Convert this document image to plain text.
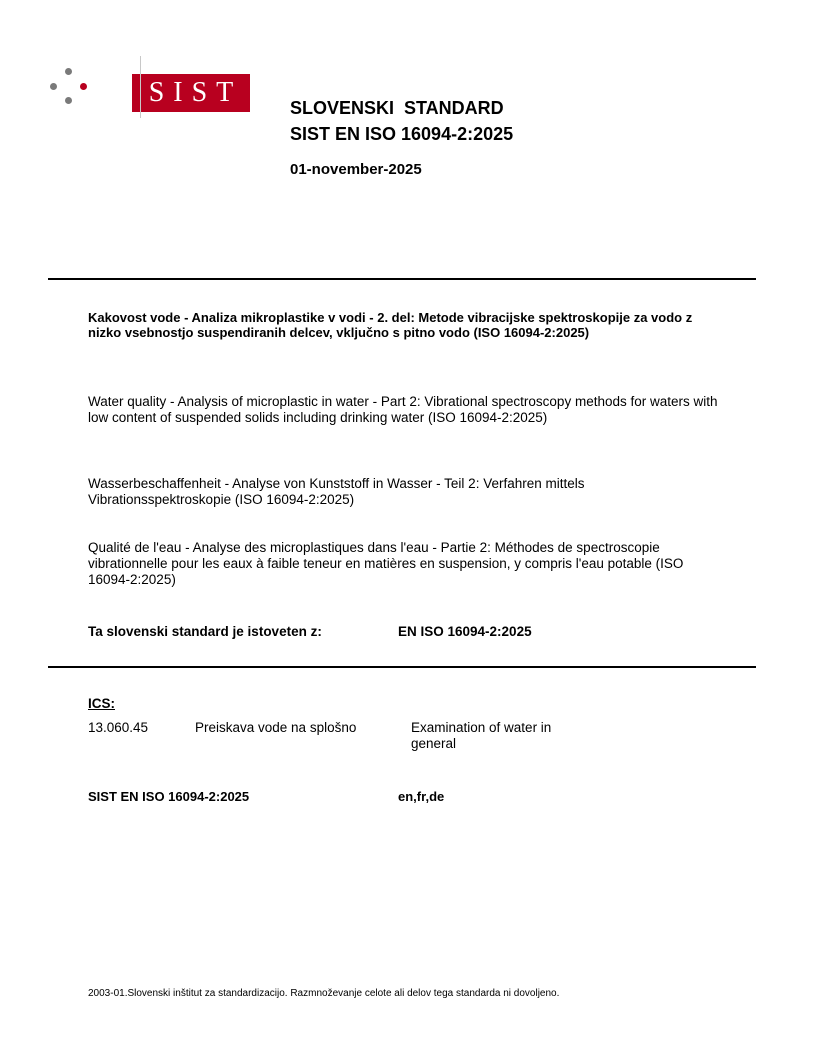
SIST	SLOVENSKI  STANDARD
SIST EN ISO 16094-2:2025
01-november-2025
Kakovost vode - Analiza mikroplastike v vodi - 2. del: Metode vibracijske spektroskopije za vodo z nizko vsebnostjo suspendiranih delcev, vključno s pitno vodo (ISO 16094-2:2025)
Water quality - Analysis of microplastic in water - Part 2: Vibrational spectroscopy methods for waters with low content of suspended solids including drinking water (ISO 16094-2:2025)
Wasserbeschaffenheit - Analyse von Kunststoff in Wasser - Teil 2: Verfahren mittels Vibrationsspektroskopie (ISO 16094-2:2025)
Qualité de l'eau - Analyse des microplastiques dans l'eau - Partie 2: Méthodes de spectroscopie vibrationnelle pour les eaux à faible teneur en matières en suspension, y compris l'eau potable (ISO 16094-2:2025)
Ta slovenski standard je istoveten z:	EN ISO 16094-2:2025
ICS:
13.060.45	Preiskava vode na splošno	Examination of water in general
SIST EN ISO 16094-2:2025	en,fr,de
2003-01.Slovenski inštitut za standardizacijo. Razmnoževanje celote ali delov tega standarda ni dovoljeno.
